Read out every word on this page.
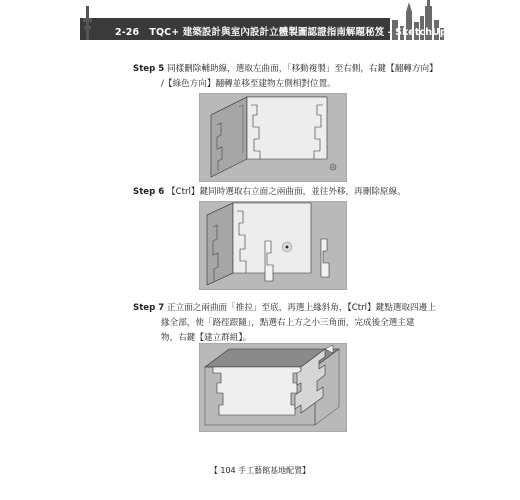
2-26 TQC+ 建築設計與室內設計立體製圖認證指南解題秘笈 - SketchUp Pro 2015
Step 5 同樣刪除輔助線，選取左曲面，「移動複製」至右側，右鍵【翻轉方向】
/【綠色方向】翻轉並移至建物左側相對位置。
Step 6 【Ctrl】鍵同時選取右立面之兩曲面，並往外移，再刪除原線。
Step 7 正立面之兩曲面「推拉」至底，再選上緣斜角，【Ctrl】鍵點選取四邊上
緣全部，使「路徑跟隨」，點選右上方之小三角面，完成後全選主建
物，右鍵【建立群組】。
【 104 手工藝館基地配置】
